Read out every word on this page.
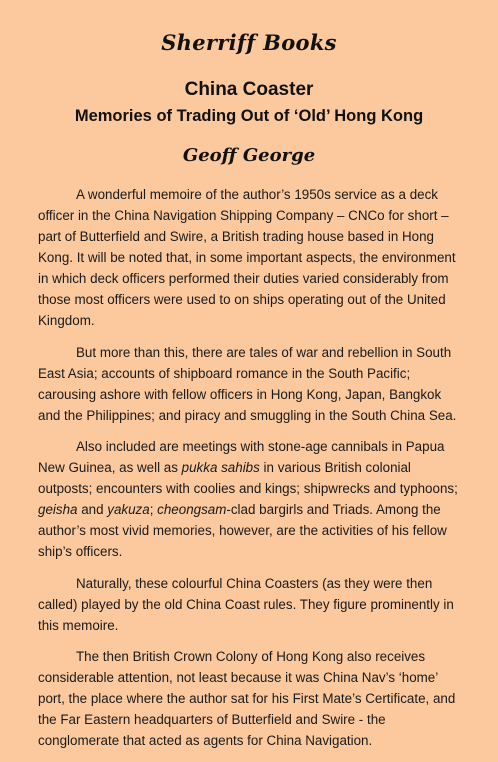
Sherriff Books
China Coaster
Memories of Trading Out of ‘Old’ Hong Kong
Geoff George

A wonderful memoire of the author’s 1950s service as a deck officer in the China Navigation Shipping Company – CNCo for short – part of Butterfield and Swire, a British trading house based in Hong Kong. It will be noted that, in some important aspects, the environment in which deck officers performed their duties varied considerably from those most officers were used to on ships operating out of the United Kingdom.

But more than this, there are tales of war and rebellion in South East Asia; accounts of shipboard romance in the South Pacific; carousing ashore with fellow officers in Hong Kong, Japan, Bangkok and the Philippines; and piracy and smuggling in the South China Sea.

Also included are meetings with stone-age cannibals in Papua New Guinea, as well as pukka sahibs in various British colonial outposts; encounters with coolies and kings; shipwrecks and typhoons; geisha and yakuza; cheongsam-clad bargirls and Triads. Among the author’s most vivid memories, however, are the activities of his fellow ship’s officers.

Naturally, these colourful China Coasters (as they were then called) played by the old China Coast rules. They figure prominently in this memoire.

The then British Crown Colony of Hong Kong also receives considerable attention, not least because it was China Nav’s ‘home’ port, the place where the author sat for his First Mate’s Certificate, and the Far Eastern headquarters of Butterfield and Swire - the conglomerate that acted as agents for China Navigation.
